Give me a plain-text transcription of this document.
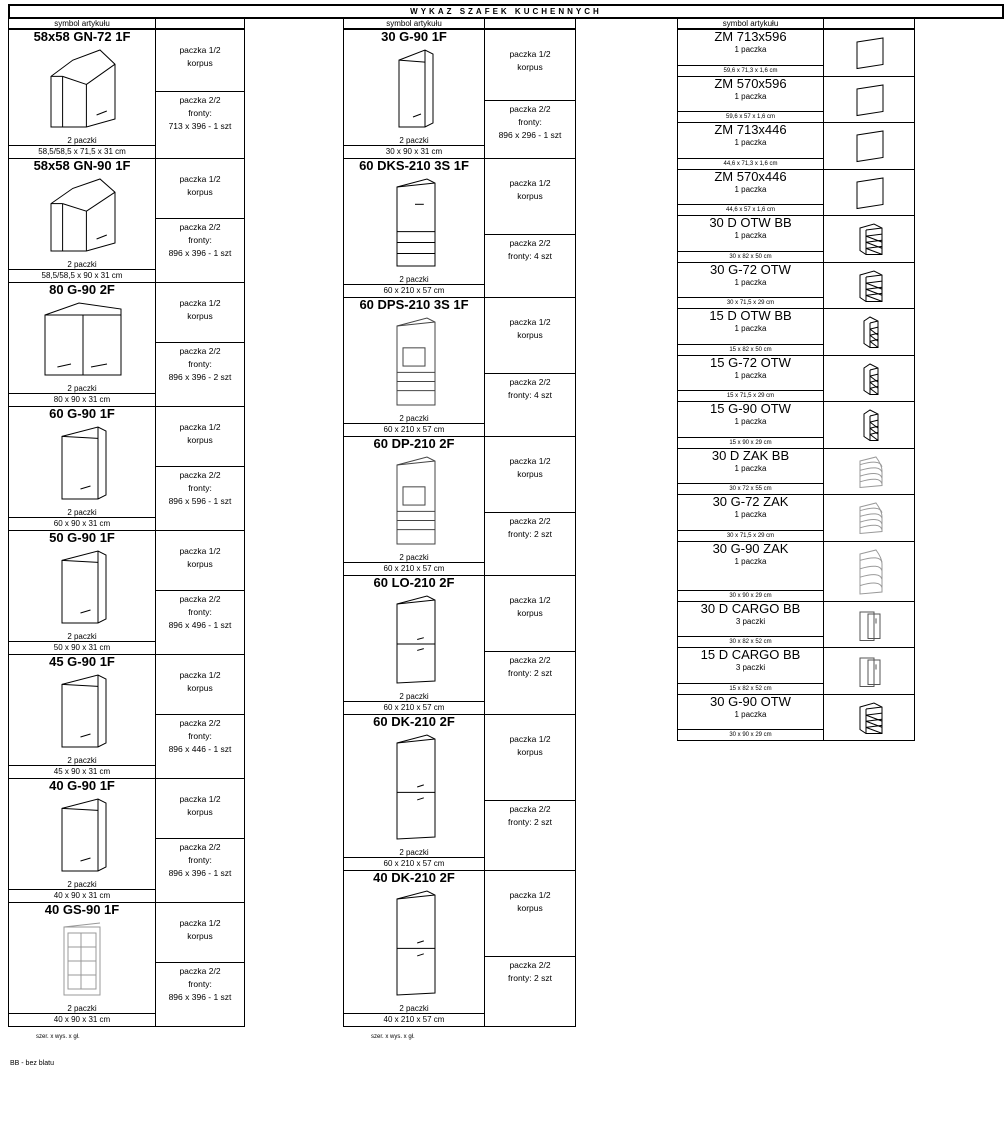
WYKAZ SZAFEK KUCHENNYCH
symbol artykułu
58x58 GN-72 1F
2 paczki
58,5/58,5 x 71,5 x 31 cm
paczka 1/2
korpus
paczka 2/2
fronty:
713 x 396 - 1 szt
58x58 GN-90 1F
2 paczki
58,5/58,5 x 90 x 31 cm
paczka 1/2
korpus
paczka 2/2
fronty:
896 x 396 - 1 szt
80 G-90 2F
2 paczki
80 x 90 x 31 cm
paczka 1/2
korpus
paczka 2/2
fronty:
896 x 396 - 2 szt
60 G-90 1F
2 paczki
60 x 90 x 31 cm
paczka 1/2
korpus
paczka 2/2
fronty:
896 x 596 - 1 szt
50 G-90 1F
2 paczki
50 x 90 x 31 cm
paczka 1/2
korpus
paczka 2/2
fronty:
896 x 496 - 1 szt
45 G-90 1F
2 paczki
45 x 90 x 31 cm
paczka 1/2
korpus
paczka 2/2
fronty:
896 x 446 - 1 szt
40 G-90 1F
2 paczki
40 x 90 x 31 cm
paczka 1/2
korpus
paczka 2/2
fronty:
896 x 396 - 1 szt
40 GS-90 1F
2 paczki
40 x 90 x 31 cm
paczka 1/2
korpus
paczka 2/2
fronty:
896 x 396 - 1 szt
szer. x wys. x gł.
symbol artykułu
30 G-90 1F
2 paczki
30 x 90 x 31 cm
paczka 1/2
korpus
paczka 2/2
fronty:
896 x 296 - 1 szt
60 DKS-210 3S 1F
2 paczki
60 x 210 x 57 cm
paczka 1/2
korpus
paczka 2/2
fronty: 4 szt
60 DPS-210 3S 1F
2 paczki
60 x 210 x 57 cm
paczka 1/2
korpus
paczka 2/2
fronty: 4 szt
60 DP-210 2F
2 paczki
60 x 210 x 57 cm
paczka 1/2
korpus
paczka 2/2
fronty: 2 szt
60 LO-210 2F
2 paczki
60 x 210 x 57 cm
paczka 1/2
korpus
paczka 2/2
fronty: 2 szt
60 DK-210 2F
2 paczki
60 x 210 x 57 cm
paczka 1/2
korpus
paczka 2/2
fronty: 2 szt
40 DK-210 2F
2 paczki
40 x 210 x 57 cm
paczka 1/2
korpus
paczka 2/2
fronty: 2 szt
szer. x wys. x gł.
symbol artykułu
ZM 713x596
1 paczka
59,6 x 71,3 x 1,6 cm
ZM 570x596
1 paczka
59,6 x 57 x 1,6 cm
ZM 713x446
1 paczka
44,6 x 71,3 x 1,6 cm
ZM 570x446
1 paczka
44,6 x 57 x 1,6 cm
30 D OTW BB
1 paczka
30 x 82 x 50 cm
30 G-72 OTW
1 paczka
30 x 71,5 x 29 cm
15 D OTW BB
1 paczka
15 x 82 x 50 cm
15 G-72 OTW
1 paczka
15 x 71,5 x 29 cm
15 G-90 OTW
1 paczka
15 x 90 x 29 cm
30 D ZAK BB
1 paczka
30 x 72 x 55 cm
30 G-72 ZAK
1 paczka
30 x 71,5 x 29 cm
30 G-90 ZAK
1 paczka
30 x 90 x 29 cm
30 D CARGO BB
3 paczki
30 x 82 x 52 cm
15 D CARGO BB
3 paczki
15 x 82 x 52 cm
30 G-90 OTW
1 paczka
30 x 90 x 29 cm
BB - bez blatu
